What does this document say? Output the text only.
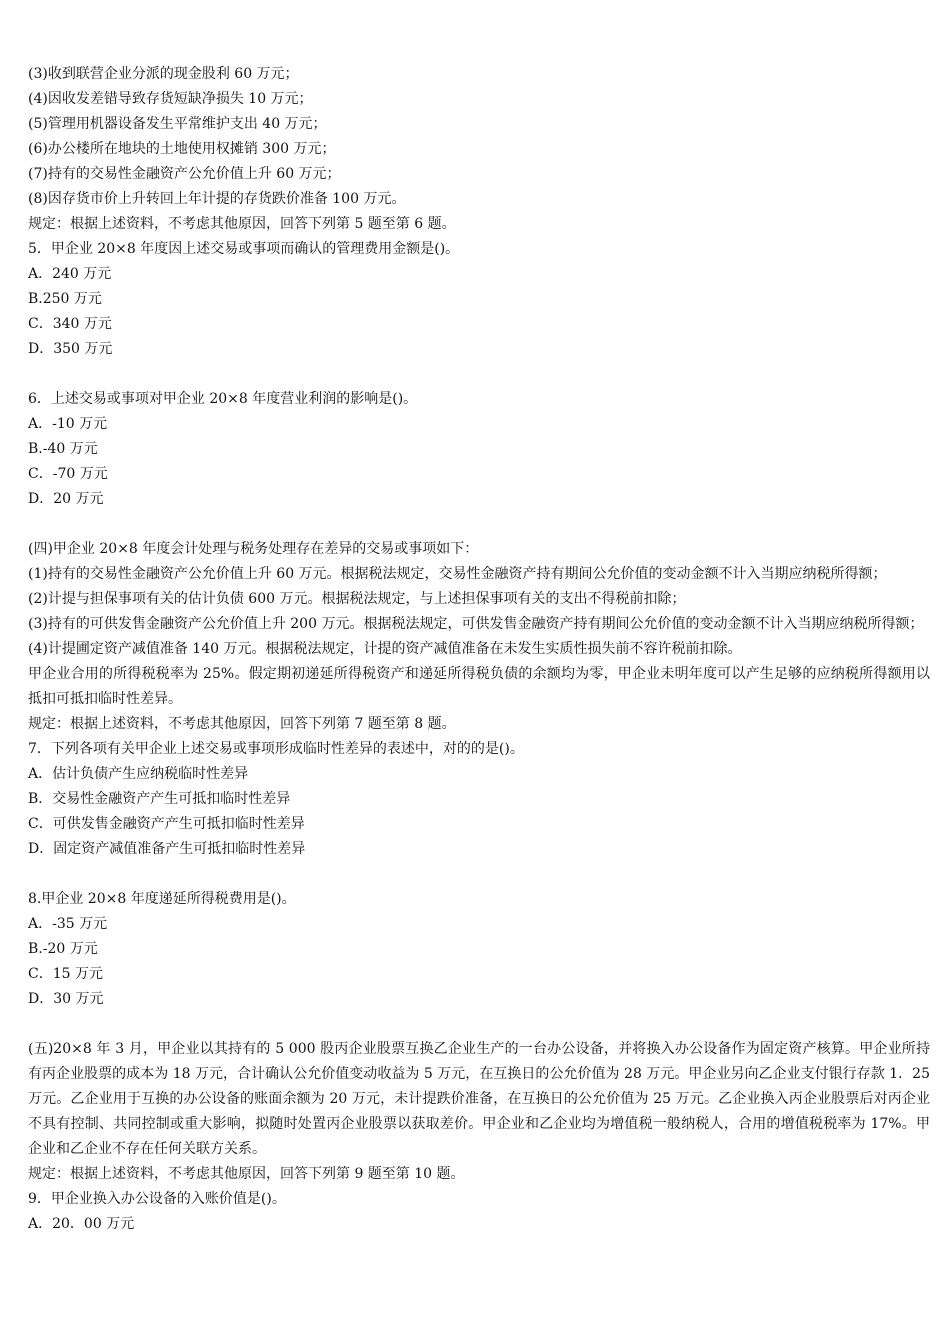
(3)收到联营企业分派的现金股利 60 万元；

(4)因收发差错导致存货短缺净损失 10 万元；

(5)管理用机器设备发生平常维护支出 40 万元；

(6)办公楼所在地块的土地使用权摊销 300 万元；

(7)持有的交易性金融资产公允价值上升 60 万元；

(8)因存货市价上升转回上年计提的存货跌价准备 100 万元。

规定：根据上述资料，不考虑其他原因，回答下列第 5 题至第 6 题。

5．甲企业 20×8 年度因上述交易或事项而确认的管理费用金额是()。

A．240 万元

B.250 万元

C．340 万元

D．350 万元

6．上述交易或事项对甲企业 20×8 年度营业利润的影响是()。

A．-10 万元

B.-40 万元

C．-70 万元

D．20 万元

(四)甲企业 20×8 年度会计处理与税务处理存在差异的交易或事项如下：

(1)持有的交易性金融资产公允价值上升 60 万元。根据税法规定，交易性金融资产持有期间公允价值的变动金额不计入当期应纳税所得额；

(2)计提与担保事项有关的估计负债 600 万元。根据税法规定，与上述担保事项有关的支出不得税前扣除；

(3)持有的可供发售金融资产公允价值上升 200 万元。根据税法规定，可供发售金融资产持有期间公允价值的变动金额不计入当期应纳税所得额；

(4)计提圃定资产减值准备 140 万元。根据税法规定，计提的资产减值准备在未发生实质性损失前不容许税前扣除。

甲企业合用的所得税税率为 25%。假定期初递延所得税资产和递延所得税负债的余额均为零，甲企业未明年度可以产生足够的应纳税所得额用以抵扣可抵扣临时性差异。

规定：根据上述资料，不考虑其他原因，回答下列第 7 题至第 8 题。

7．下列各项有关甲企业上述交易或事项形成临时性差异的表述中，对的的是()。

A．估计负债产生应纳税临时性差异

B．交易性金融资产产生可抵扣临时性差异

C．可供发售金融资产产生可抵扣临时性差异

D．固定资产减值准备产生可抵扣临时性差异

8.甲企业 20×8 年度递延所得税费用是()。

A．-35 万元

B.-20 万元

C．15 万元

D．30 万元

(五)20×8 年 3 月，甲企业以其持有的 5 000 股丙企业股票互换乙企业生产的一台办公设备，并将换入办公设备作为固定资产核算。甲企业所持有丙企业股票的成本为 18 万元，合计确认公允价值变动收益为 5 万元，在互换日的公允价值为 28 万元。甲企业另向乙企业支付银行存款 1．25 万元。乙企业用于互换的办公设备的账面余额为 20 万元，未计提跌价准备，在互换日的公允价值为 25 万元。乙企业换入丙企业股票后对丙企业不具有控制、共同控制或重大影响，拟随时处置丙企业股票以获取差价。甲企业和乙企业均为增值税一般纳税人，合用的增值税税率为 17%。甲企业和乙企业不存在任何关联方关系。

规定：根据上述资料，不考虑其他原因，回答下列第 9 题至第 10 题。

9．甲企业换入办公设备的入账价值是()。

A．20．00 万元
